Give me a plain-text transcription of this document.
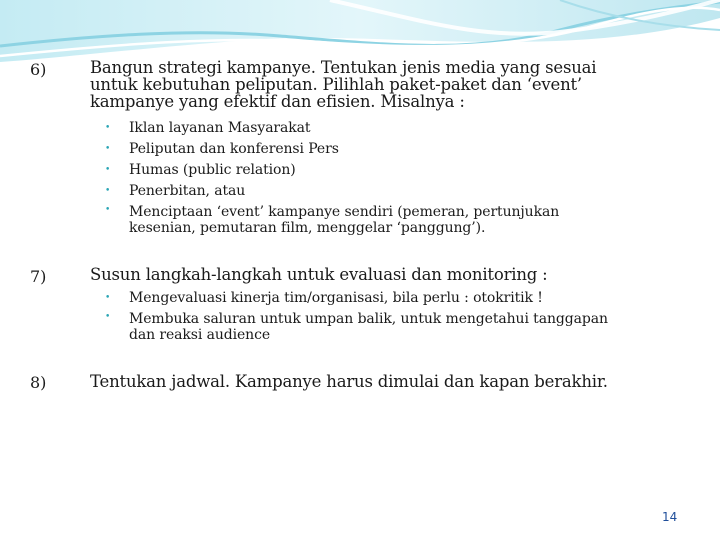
6)	Bangun strategi kampanye. Tentukan jenis media yang sesuai
untuk kebutuhan peliputan. Pilihlah paket-paket dan ‘event’
kampanye yang efektif dan efisien. Misalnya :
• Iklan layanan Masyarakat
• Peliputan dan konferensi Pers
• Humas (public relation)
• Penerbitan, atau
• Menciptaan ‘event’ kampanye sendiri (pemeran, pertunjukan
kesenian, pemutaran film, menggelar ‘panggung’).
7)	Susun langkah-langkah untuk evaluasi dan monitoring :
• Mengevaluasi kinerja tim/organisasi, bila perlu : otokritik !
• Membuka saluran untuk umpan balik, untuk mengetahui tanggapan
dan reaksi audience
8)	Tentukan jadwal. Kampanye harus dimulai dan kapan berakhir.
14
